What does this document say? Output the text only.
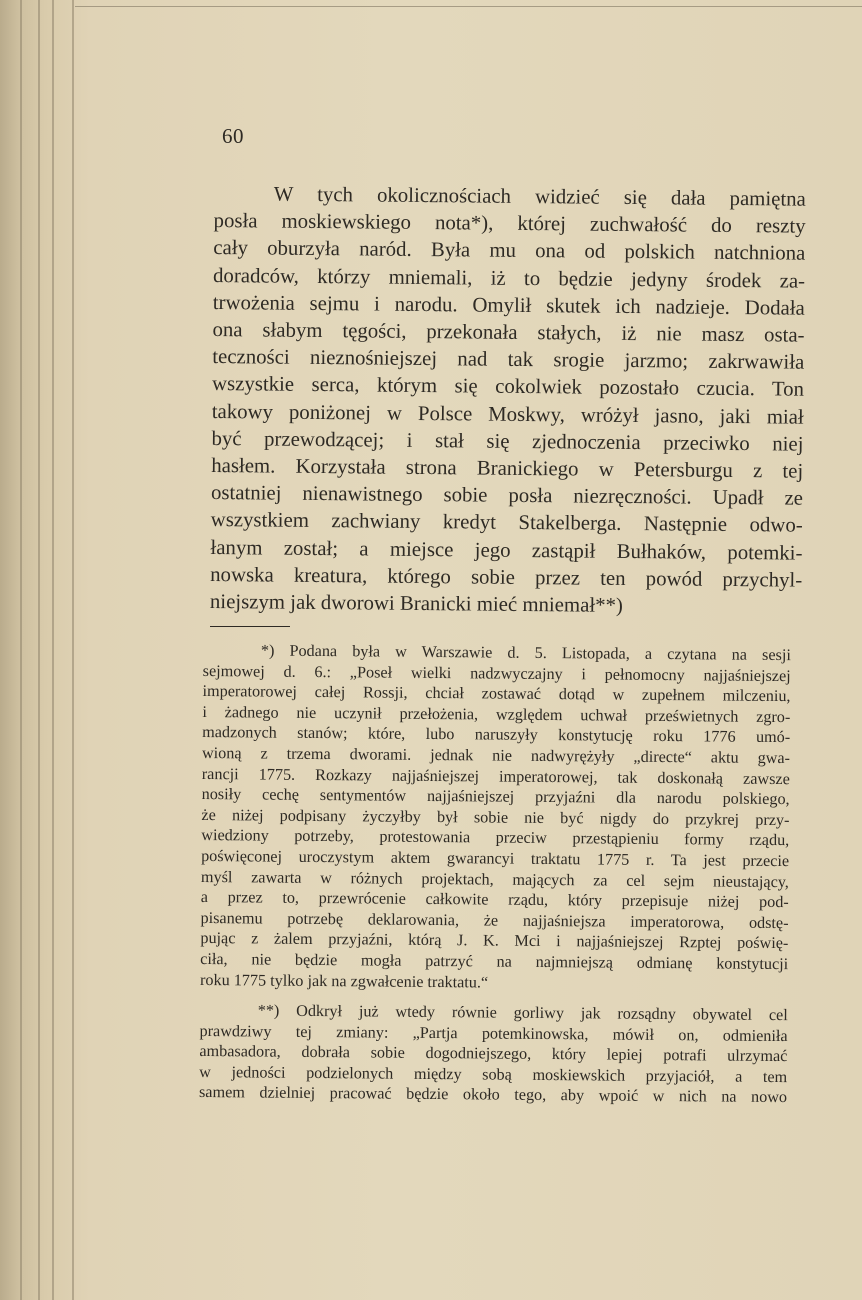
60
W tych okolicznościach widzieć się dała pamiętna
posła moskiewskiego nota*), której zuchwałość do reszty
cały oburzyła naród. Była mu ona od polskich natchniona
doradców, którzy mniemali, iż to będzie jedyny środek za-
trwożenia sejmu i narodu. Omylił skutek ich nadzieje. Dodała
ona słabym tęgości, przekonała stałych, iż nie masz osta-
teczności nieznośniejszej nad tak srogie jarzmo; zakrwawiła
wszystkie serca, którym się cokolwiek pozostało czucia. Ton
takowy poniżonej w Polsce Moskwy, wróżył jasno, jaki miał
być przewodzącej; i stał się zjednoczenia przeciwko niej
hasłem. Korzystała strona Branickiego w Petersburgu z tej
ostatniej nienawistnego sobie posła niezręczności. Upadł ze
wszystkiem zachwiany kredyt Stakelberga. Następnie odwo-
łanym został; a miejsce jego zastąpił Bułhaków, potemki-
nowska kreatura, którego sobie przez ten powód przychyl-
niejszym jak dworowi Branicki mieć mniemał**)
*) Podana była w Warszawie d. 5. Listopada, a czytana na sesji
sejmowej d. 6.: „Poseł wielki nadzwyczajny i pełnomocny najjaśniejszej
imperatorowej całej Rossji, chciał zostawać dotąd w zupełnem milczeniu,
i żadnego nie uczynił przełożenia, względem uchwał prześwietnych zgro-
madzonych stanów; które, lubo naruszyły konstytucję roku 1776 umó-
wioną z trzema dworami. jednak nie nadwyrężyły „directe“ aktu gwa-
rancji 1775. Rozkazy najjaśniejszej imperatorowej, tak doskonałą zawsze
nosiły cechę sentymentów najjaśniejszej przyjaźni dla narodu polskiego,
że niżej podpisany życzyłby był sobie nie być nigdy do przykrej przy-
wiedziony potrzeby, protestowania przeciw przestąpieniu formy rządu,
poświęconej uroczystym aktem gwarancyi traktatu 1775 r. Ta jest przecie
myśl zawarta w różnych projektach, mających za cel sejm nieustający,
a przez to, przewrócenie całkowite rządu, który przepisuje niżej pod-
pisanemu potrzebę deklarowania, że najjaśniejsza imperatorowa, odstę-
pując z żalem przyjaźni, którą J. K. Mci i najjaśniejszej Rzptej poświę-
ciła, nie będzie mogła patrzyć na najmniejszą odmianę konstytucji
roku 1775 tylko jak na zgwałcenie traktatu.“
**) Odkrył już wtedy równie gorliwy jak rozsądny obywatel cel
prawdziwy tej zmiany: „Partja potemkinowska, mówił on, odmieniła
ambasadora, dobrała sobie dogodniejszego, który lepiej potrafi ulrzymać
w jedności podzielonych między sobą moskiewskich przyjaciół, a tem
samem dzielniej pracować będzie około tego, aby wpoić w nich na nowo
